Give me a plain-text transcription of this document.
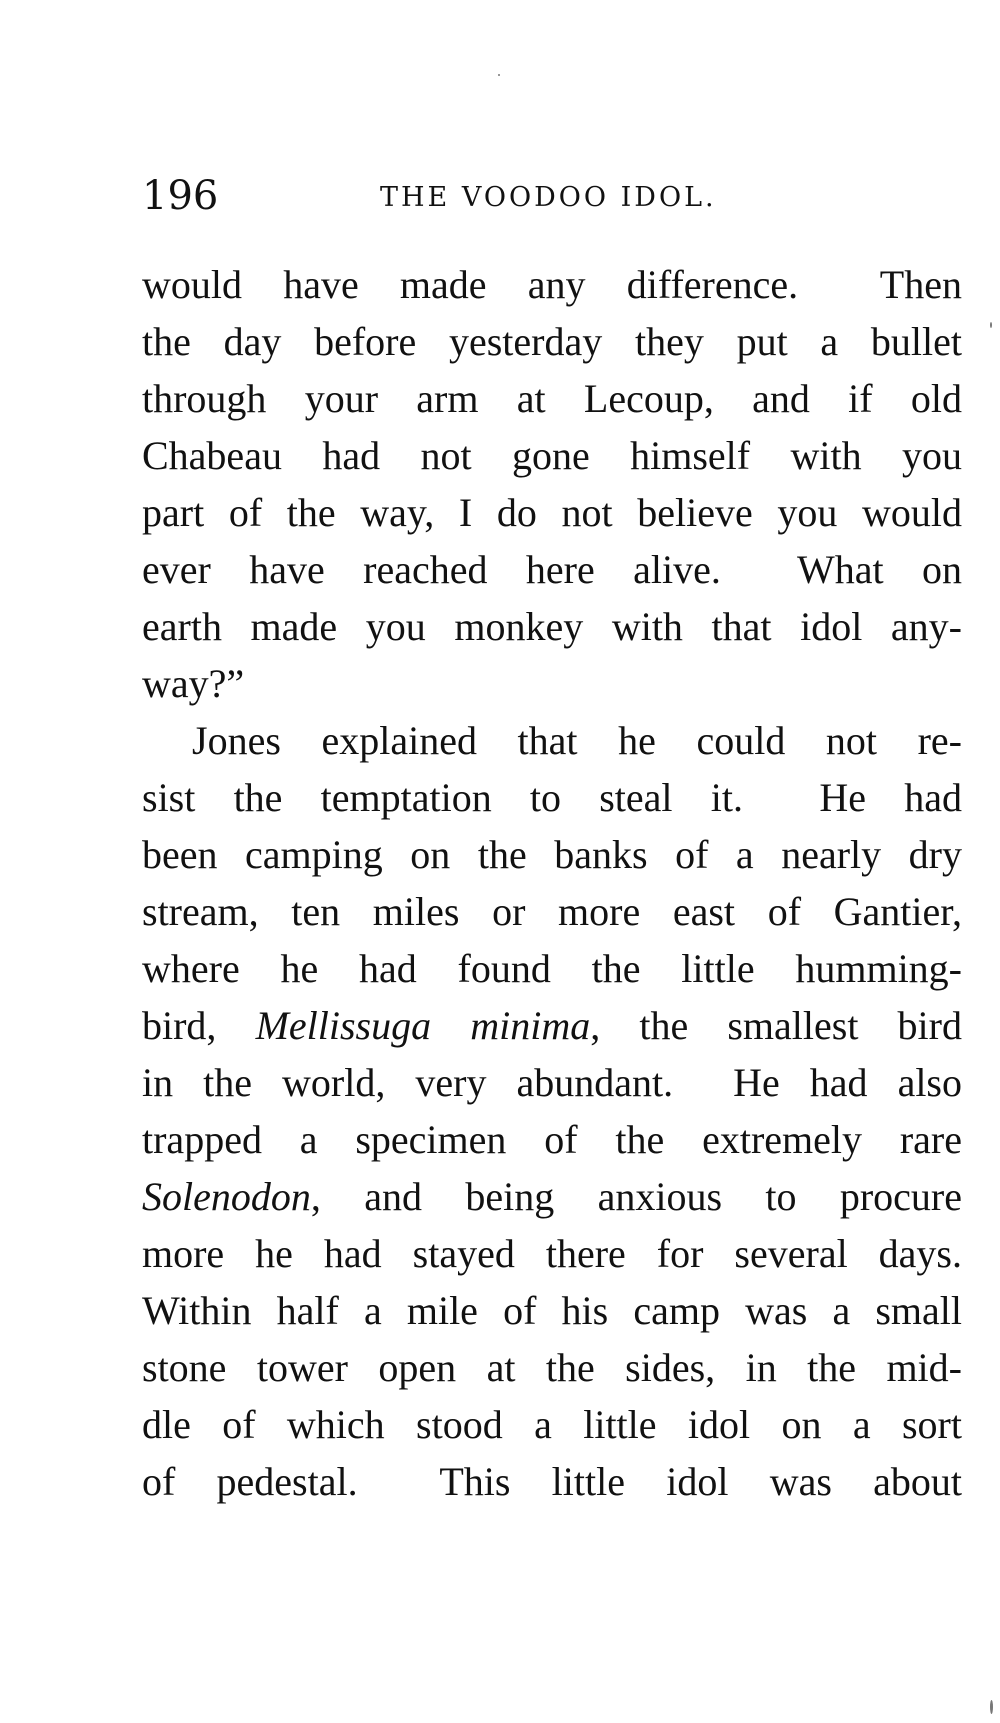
196	THE VOODOO IDOL.
would have made any difference.  Then
the day before yesterday they put a bullet
through your arm at Lecoup, and if old
Chabeau had not gone himself with you
part of the way, I do not believe you would
ever have reached here alive.  What on
earth made you monkey with that idol any-
way?”
Jones explained that he could not re-
sist the temptation to steal it.  He had
been camping on the banks of a nearly dry
stream, ten miles or more east of Gantier,
where he had found the little humming-
bird, Mellissuga minima, the smallest bird
in the world, very abundant.  He had also
trapped a specimen of the extremely rare
Solenodon, and being anxious to procure
more he had stayed there for several days.
Within half a mile of his camp was a small
stone tower open at the sides, in the mid-
dle of which stood a little idol on a sort
of pedestal.  This little idol was about
